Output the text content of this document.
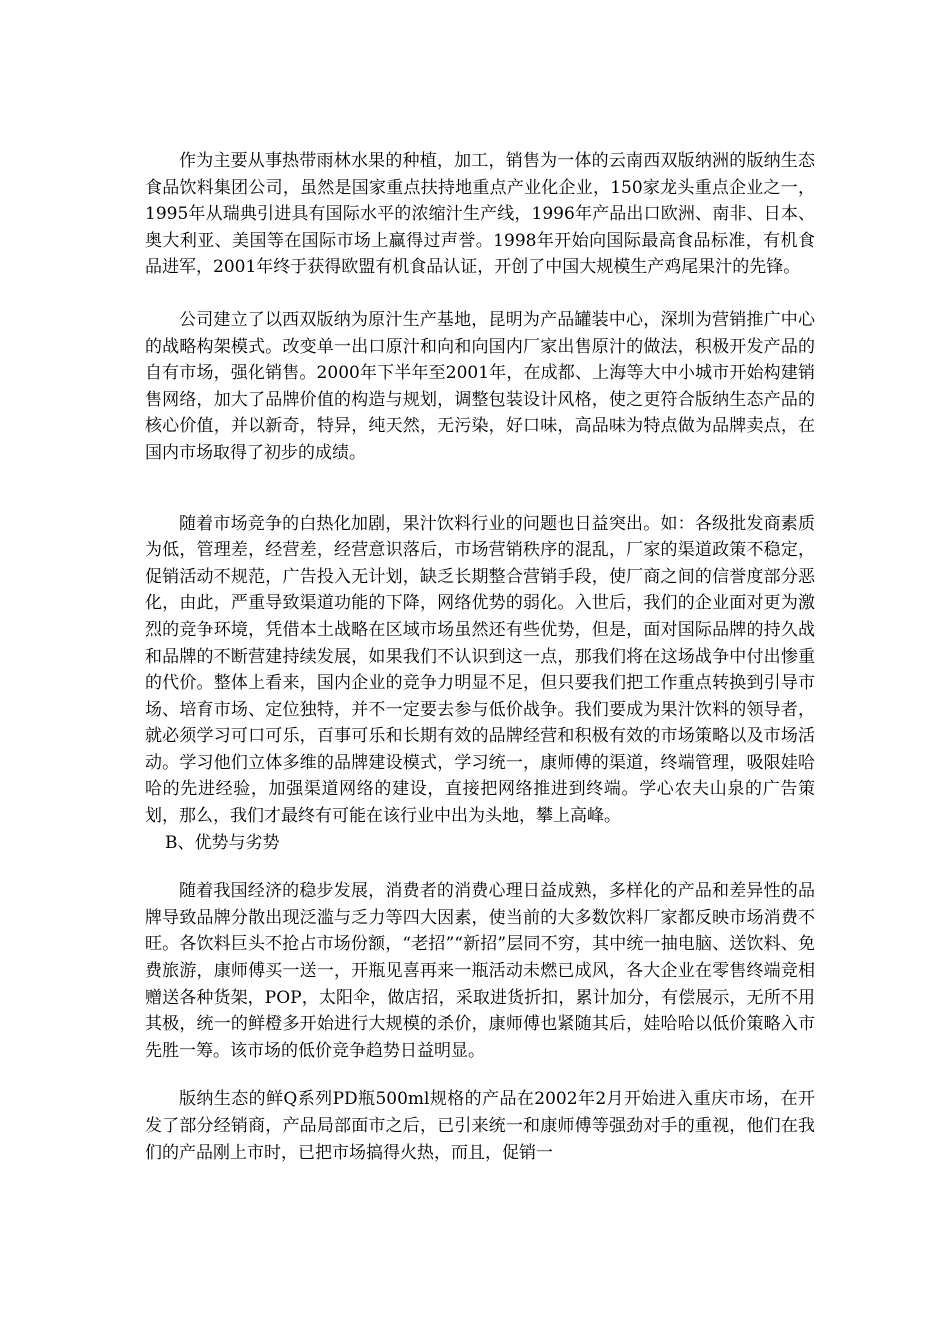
作为主要从事热带雨林水果的种植，加工，销售为一体的云南西双版纳洲的版纳生态食品饮料集团公司，虽然是国家重点扶持地重点产业化企业，150家龙头重点企业之一，1995年从瑞典引进具有国际水平的浓缩汁生产线，1996年产品出口欧洲、南非、日本、奥大利亚、美国等在国际市场上赢得过声誉。1998年开始向国际最高食品标准，有机食品进军，2001年终于获得欧盟有机食品认证，开创了中国大规模生产鸡尾果汁的先锋。

公司建立了以西双版纳为原汁生产基地，昆明为产品罐装中心，深圳为营销推广中心的战略构架模式。改变单一出口原汁和向和向国内厂家出售原汁的做法，积极开发产品的自有市场，强化销售。2000年下半年至2001年，在成都、上海等大中小城市开始构建销售网络，加大了品牌价值的构造与规划，调整包装设计风格，使之更符合版纳生态产品的核心价值，并以新奇，特异，纯天然，无污染，好口味，高品味为特点做为品牌卖点，在国内市场取得了初步的成绩。

随着市场竞争的白热化加剧，果汁饮料行业的问题也日益突出。如：各级批发商素质为低，管理差，经营差，经营意识落后，市场营销秩序的混乱，厂家的渠道政策不稳定，促销活动不规范，广告投入无计划，缺乏长期整合营销手段，使厂商之间的信誉度部分恶化，由此，严重导致渠道功能的下降，网络优势的弱化。入世后，我们的企业面对更为激烈的竞争环境，凭借本土战略在区域市场虽然还有些优势，但是，面对国际品牌的持久战和品牌的不断营建持续发展，如果我们不认识到这一点，那我们将在这场战争中付出惨重的代价。整体上看来，国内企业的竞争力明显不足，但只要我们把工作重点转换到引导市场、培育市场、定位独特，并不一定要去参与低价战争。我们要成为果汁饮料的领导者，就必须学习可口可乐，百事可乐和长期有效的品牌经营和积极有效的市场策略以及市场活动。学习他们立体多维的品牌建设模式，学习统一，康师傅的渠道，终端管理，吸限娃哈哈的先进经验，加强渠道网络的建设，直接把网络推进到终端。学心农夫山泉的广告策划，那么，我们才最终有可能在该行业中出为头地，攀上高峰。

B、优势与劣势

随着我国经济的稳步发展，消费者的消费心理日益成熟，多样化的产品和差异性的品牌导致品牌分散出现泛滥与乏力等四大因素，使当前的大多数饮料厂家都反映市场消费不旺。各饮料巨头不抢占市场份额，“老招”“新招”层同不穷，其中统一抽电脑、送饮料、免费旅游，康师傅买一送一，开瓶见喜再来一瓶活动未燃已成风，各大企业在零售终端竞相赠送各种货架，POP，太阳伞，做店招，采取进货折扣，累计加分，有偿展示，无所不用其极，统一的鲜橙多开始进行大规模的杀价，康师傅也紧随其后，娃哈哈以低价策略入市先胜一筹。该市场的低价竞争趋势日益明显。

版纳生态的鲜Q系列PD瓶500ml规格的产品在2002年2月开始进入重庆市场，在开发了部分经销商，产品局部面市之后，已引来统一和康师傅等强劲对手的重视，他们在我们的产品刚上市时，已把市场搞得火热，而且，促销一
